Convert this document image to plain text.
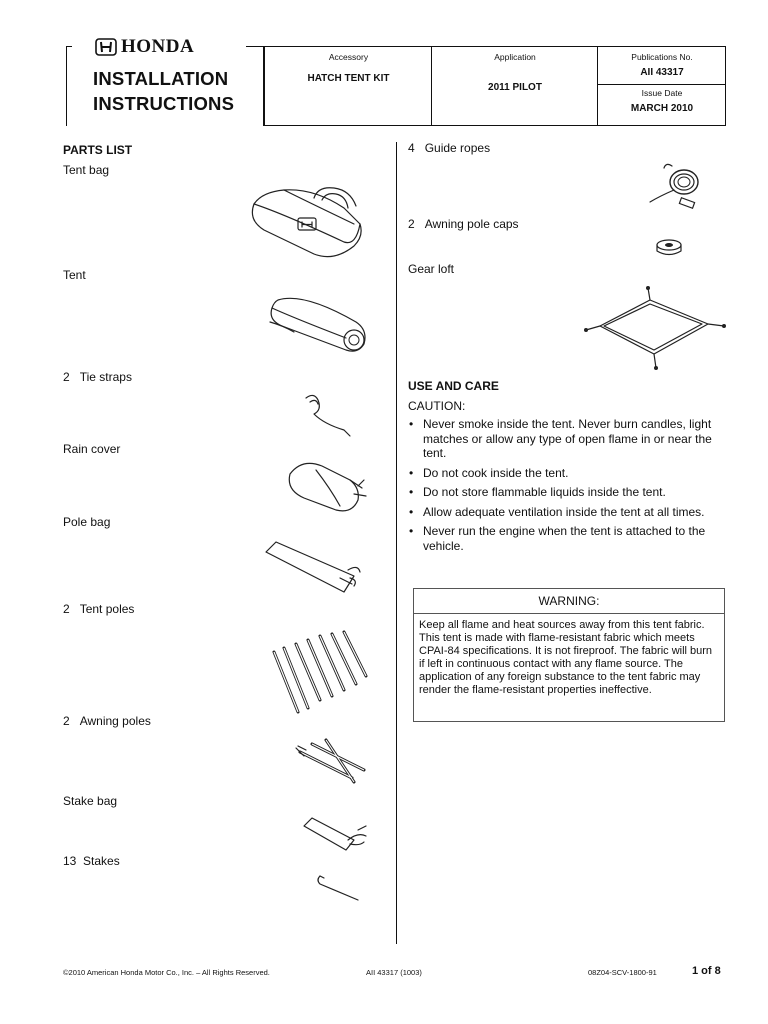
HONDA
INSTALLATION
INSTRUCTIONS
Accessory
HATCH TENT KIT
Application
2011 PILOT
Publications No.
AII 43317
Issue Date
MARCH 2010
PARTS LIST
Tent bag
Tent
2 Tie straps
Rain cover
Pole bag
2 Tent poles
2 Awning poles
Stake bag
13 Stakes
4 Guide ropes
2 Awning pole caps
Gear loft
USE AND CARE
CAUTION:
• Never smoke inside the tent. Never burn candles, light matches or allow any type of open flame in or near the tent.
• Do not cook inside the tent.
• Do not store flammable liquids inside the tent.
• Allow adequate ventilation inside the tent at all times.
• Never run the engine when the tent is attached to the vehicle.
WARNING:
Keep all flame and heat sources away from this tent fabric. This tent is made with flame-resistant fabric which meets CPAI-84 specifications. It is not fireproof. The fabric will burn if left in continuous contact with any flame source. The application of any foreign substance to the tent fabric may render the flame-resistant properties ineffective.
©2010 American Honda Motor Co., Inc. – All Rights Reserved.	AII 43317 (1003)	08Z04-SCV-1800-91	1 of 8
